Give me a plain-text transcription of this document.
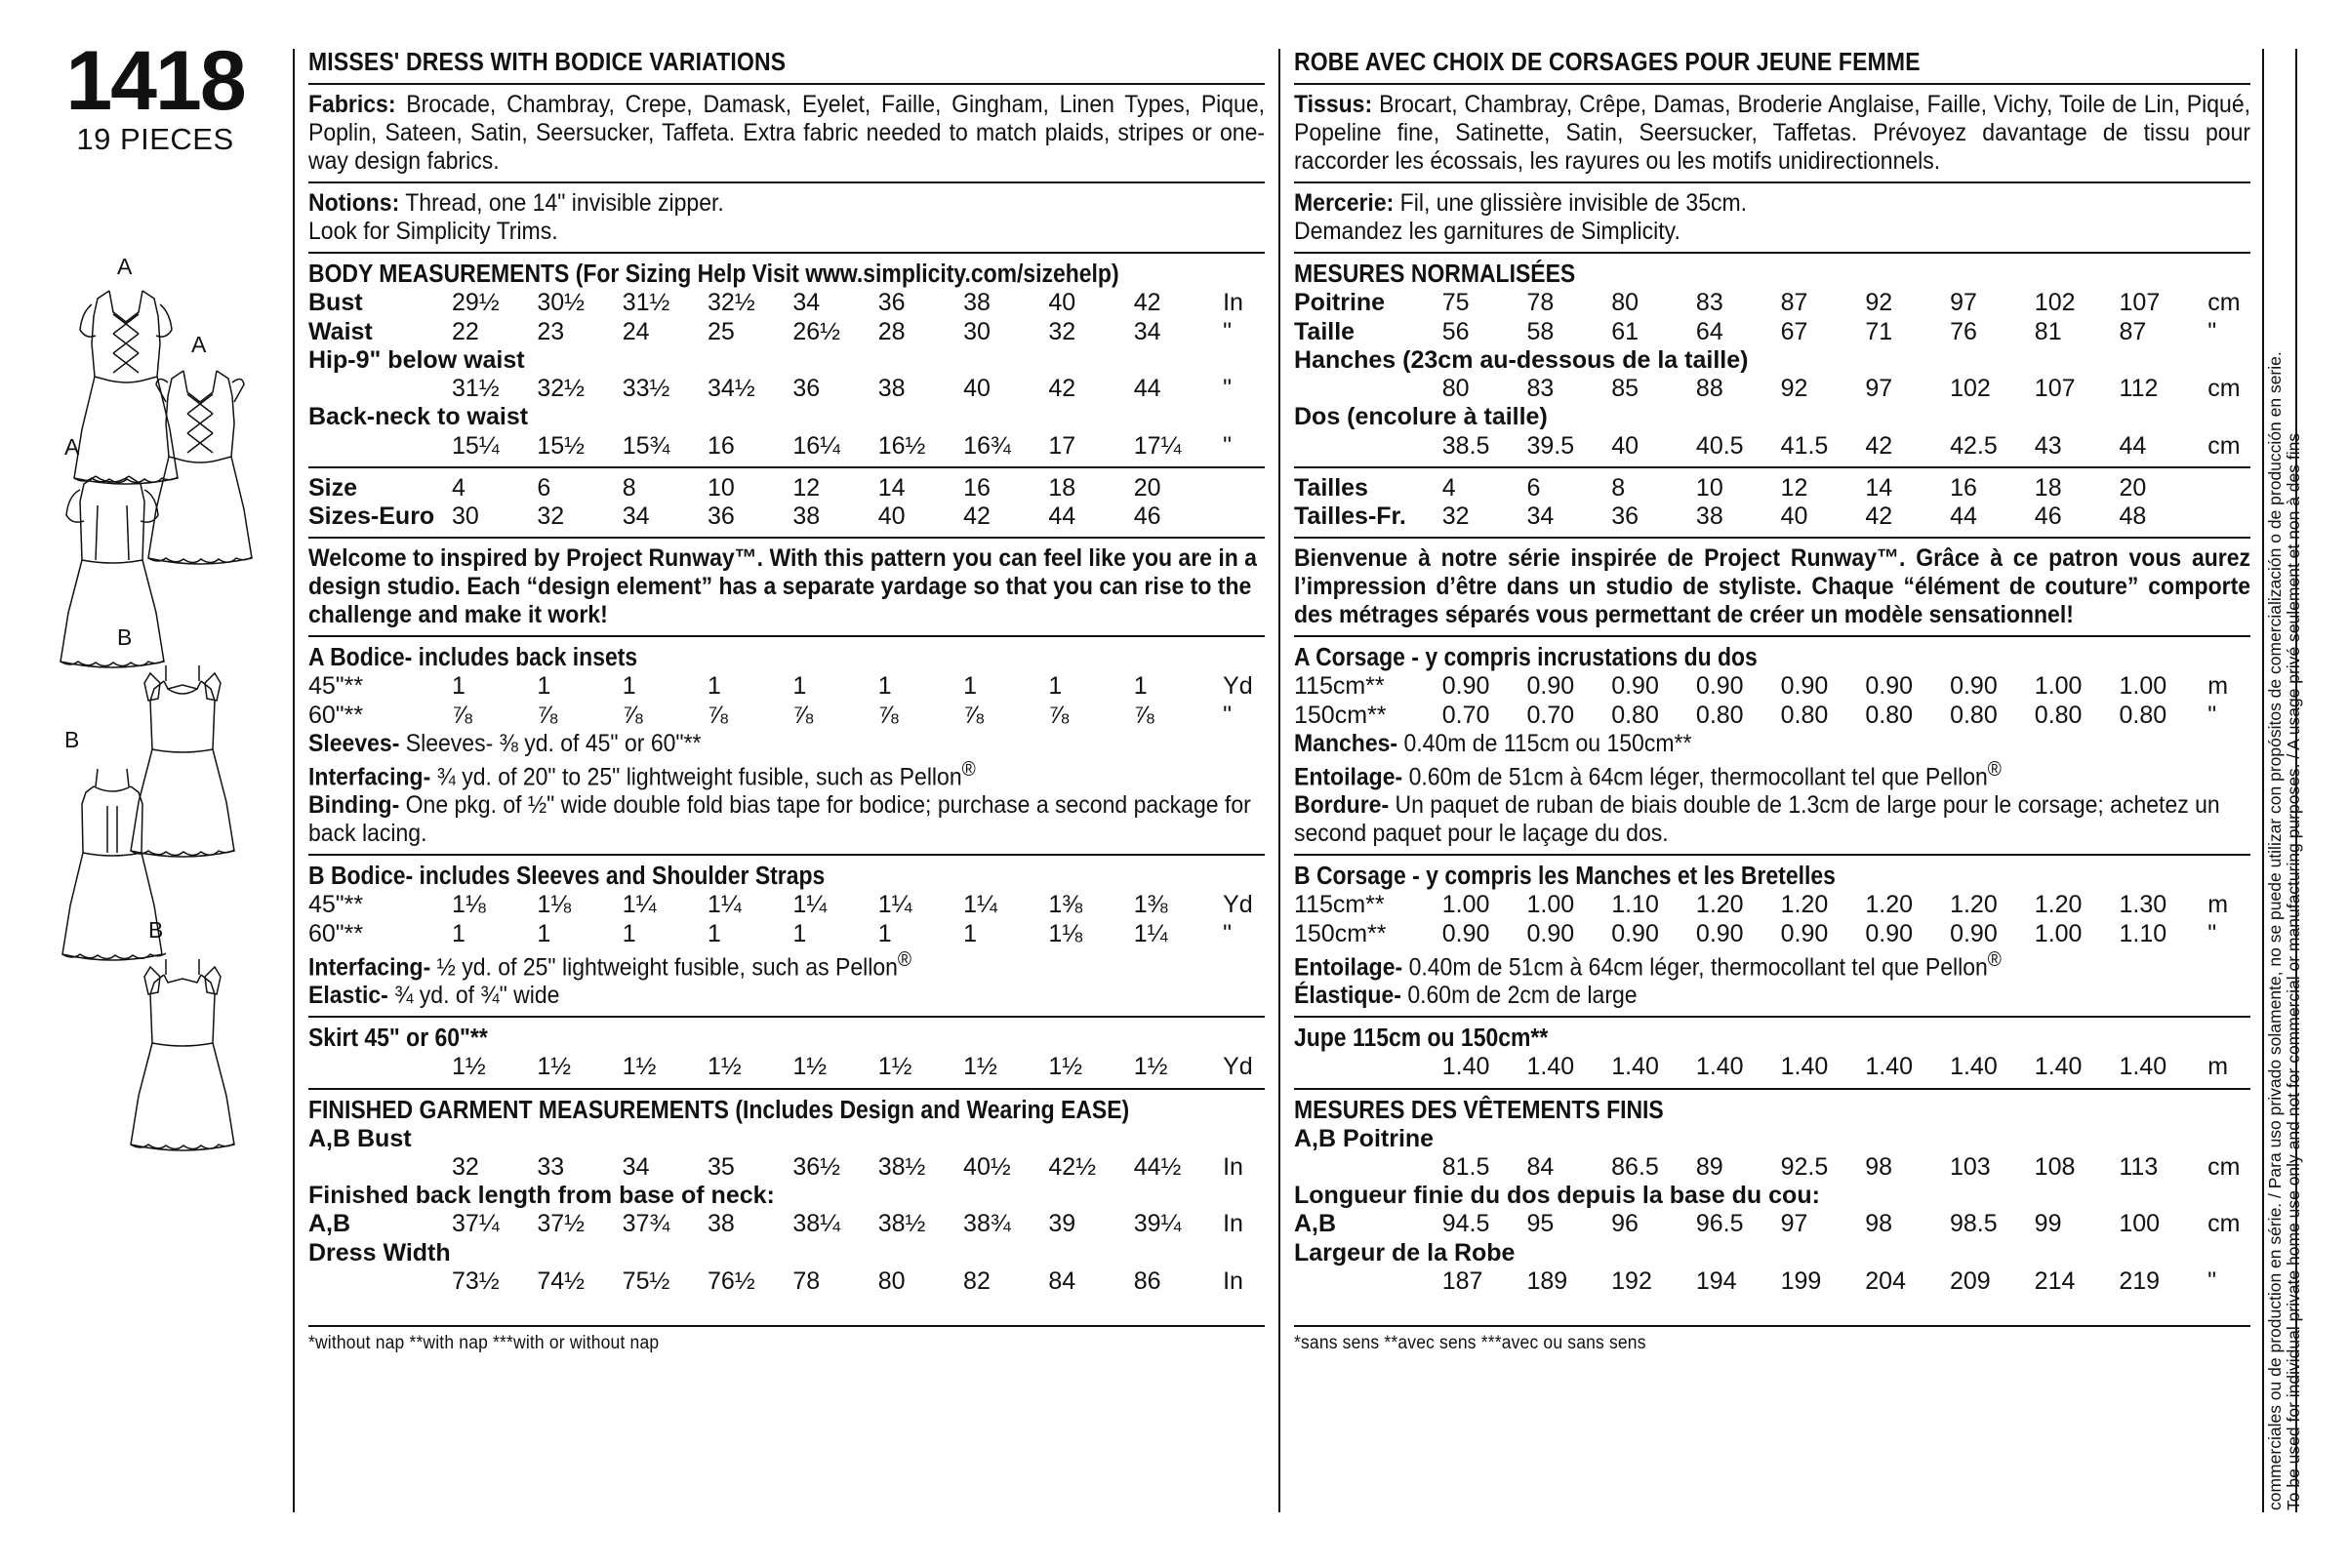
1418
19 PIECES
A
A
A
B
B
B
MISSES' DRESS WITH BODICE VARIATIONS
Fabrics: Brocade, Chambray, Crepe, Damask, Eyelet, Faille, Gingham, Linen Types, Pique, Poplin, Sateen, Satin, Seersucker, Taffeta. Extra fabric needed to match plaids, stripes or one-way design fabrics.
Notions: Thread, one 14" invisible zipper.
Look for Simplicity Trims.
BODY MEASUREMENTS (For Sizing Help Visit www.simplicity.com/sizehelp)
Bust	29½	30½	31½	32½	34	36	38	40	42	In
Waist	22	23	24	25	26½	28	30	32	34	"
Hip-9" below waist										
	31½	32½	33½	34½	36	38	40	42	44	"
Back-neck to waist										
	15¼	15½	15¾	16	16¼	16½	16¾	17	17¼	"
Size	4	6	8	10	12	14	16	18	20	
Sizes-Euro	30	32	34	36	38	40	42	44	46	
Welcome to inspired by Project Runway™. With this pattern you can feel like you are in a design studio. Each “design element” has a separate yardage so that you can rise to the challenge and make it work!
A Bodice- includes back insets
45"**	1	1	1	1	1	1	1	1	1	Yd
60"**	⅞	⅞	⅞	⅞	⅞	⅞	⅞	⅞	⅞	"
Sleeves- Sleeves- ⅜ yd. of 45" or 60"**
Interfacing- ¾ yd. of 20" to 25" lightweight fusible, such as Pellon®
Binding- One pkg. of ½" wide double fold bias tape for bodice; purchase a second package for back lacing.
B Bodice- includes Sleeves and Shoulder Straps
45"**	1⅛	1⅛	1¼	1¼	1¼	1¼	1¼	1⅜	1⅜	Yd
60"**	1	1	1	1	1	1	1	1⅛	1¼	"
Interfacing- ½ yd. of 25" lightweight fusible, such as Pellon®
Elastic- ¾ yd. of ¾" wide
Skirt 45" or 60"**
	1½	1½	1½	1½	1½	1½	1½	1½	1½	Yd
FINISHED GARMENT MEASUREMENTS (Includes Design and Wearing EASE)
A,B Bust										
	32	33	34	35	36½	38½	40½	42½	44½	In
Finished back length from base of neck:										
A,B	37¼	37½	37¾	38	38¼	38½	38¾	39	39¼	In
Dress Width										
	73½	74½	75½	76½	78	80	82	84	86	In
*without nap **with nap ***with or without nap
ROBE AVEC CHOIX DE CORSAGES POUR JEUNE FEMME
Tissus: Brocart, Chambray, Crêpe, Damas, Broderie Anglaise, Faille, Vichy, Toile de Lin, Piqué, Popeline fine, Satinette, Satin, Seersucker, Taffetas. Prévoyez davantage de tissu pour raccorder les écossais, les rayures ou les motifs unidirectionnels.
Mercerie: Fil, une glissière invisible de 35cm.
Demandez les garnitures de Simplicity.
MESURES NORMALISÉES
Poitrine	75	78	80	83	87	92	97	102	107	cm
Taille	56	58	61	64	67	71	76	81	87	"
Hanches (23cm au-dessous de la taille)										
	80	83	85	88	92	97	102	107	112	cm
Dos (encolure à taille)										
	38.5	39.5	40	40.5	41.5	42	42.5	43	44	cm
Tailles	4	6	8	10	12	14	16	18	20	
Tailles-Fr.	32	34	36	38	40	42	44	46	48	
Bienvenue à notre série inspirée de Project Runway™. Grâce à ce patron vous aurez l’impression d’être dans un studio de styliste. Chaque “élément de couture” comporte des métrages séparés vous permettant de créer un modèle sensationnel!
A Corsage - y compris incrustations du dos
115cm**	0.90	0.90	0.90	0.90	0.90	0.90	0.90	1.00	1.00	m
150cm**	0.70	0.70	0.80	0.80	0.80	0.80	0.80	0.80	0.80	"
Manches- 0.40m de 115cm ou 150cm**
Entoilage- 0.60m de 51cm à 64cm léger, thermocollant tel que Pellon®
Bordure- Un paquet de ruban de biais double de 1.3cm de large pour le corsage; achetez un second paquet pour le laçage du dos.
B Corsage - y compris les Manches et les Bretelles
115cm**	1.00	1.00	1.10	1.20	1.20	1.20	1.20	1.20	1.30	m
150cm**	0.90	0.90	0.90	0.90	0.90	0.90	0.90	1.00	1.10	"
Entoilage- 0.40m de 51cm à 64cm léger, thermocollant tel que Pellon®
Élastique- 0.60m de 2cm de large
Jupe 115cm ou 150cm**
	1.40	1.40	1.40	1.40	1.40	1.40	1.40	1.40	1.40	m
MESURES DES VÊTEMENTS FINIS
A,B Poitrine										
	81.5	84	86.5	89	92.5	98	103	108	113	cm
Longueur finie du dos depuis la base du cou:										
A,B	94.5	95	96	96.5	97	98	98.5	99	100	cm
Largeur de la Robe										
	187	189	192	194	199	204	209	214	219	"
*sans sens **avec sens ***avec ou sans sens	To be used for individual private home use only and not for commercial or manufacturing purposes. / A usage privé seulement et non à des fins
commerciales ou de production en série. / Para uso privado solamente, no se puede utilizar con propósitos de comercialización o de producción en serie.
